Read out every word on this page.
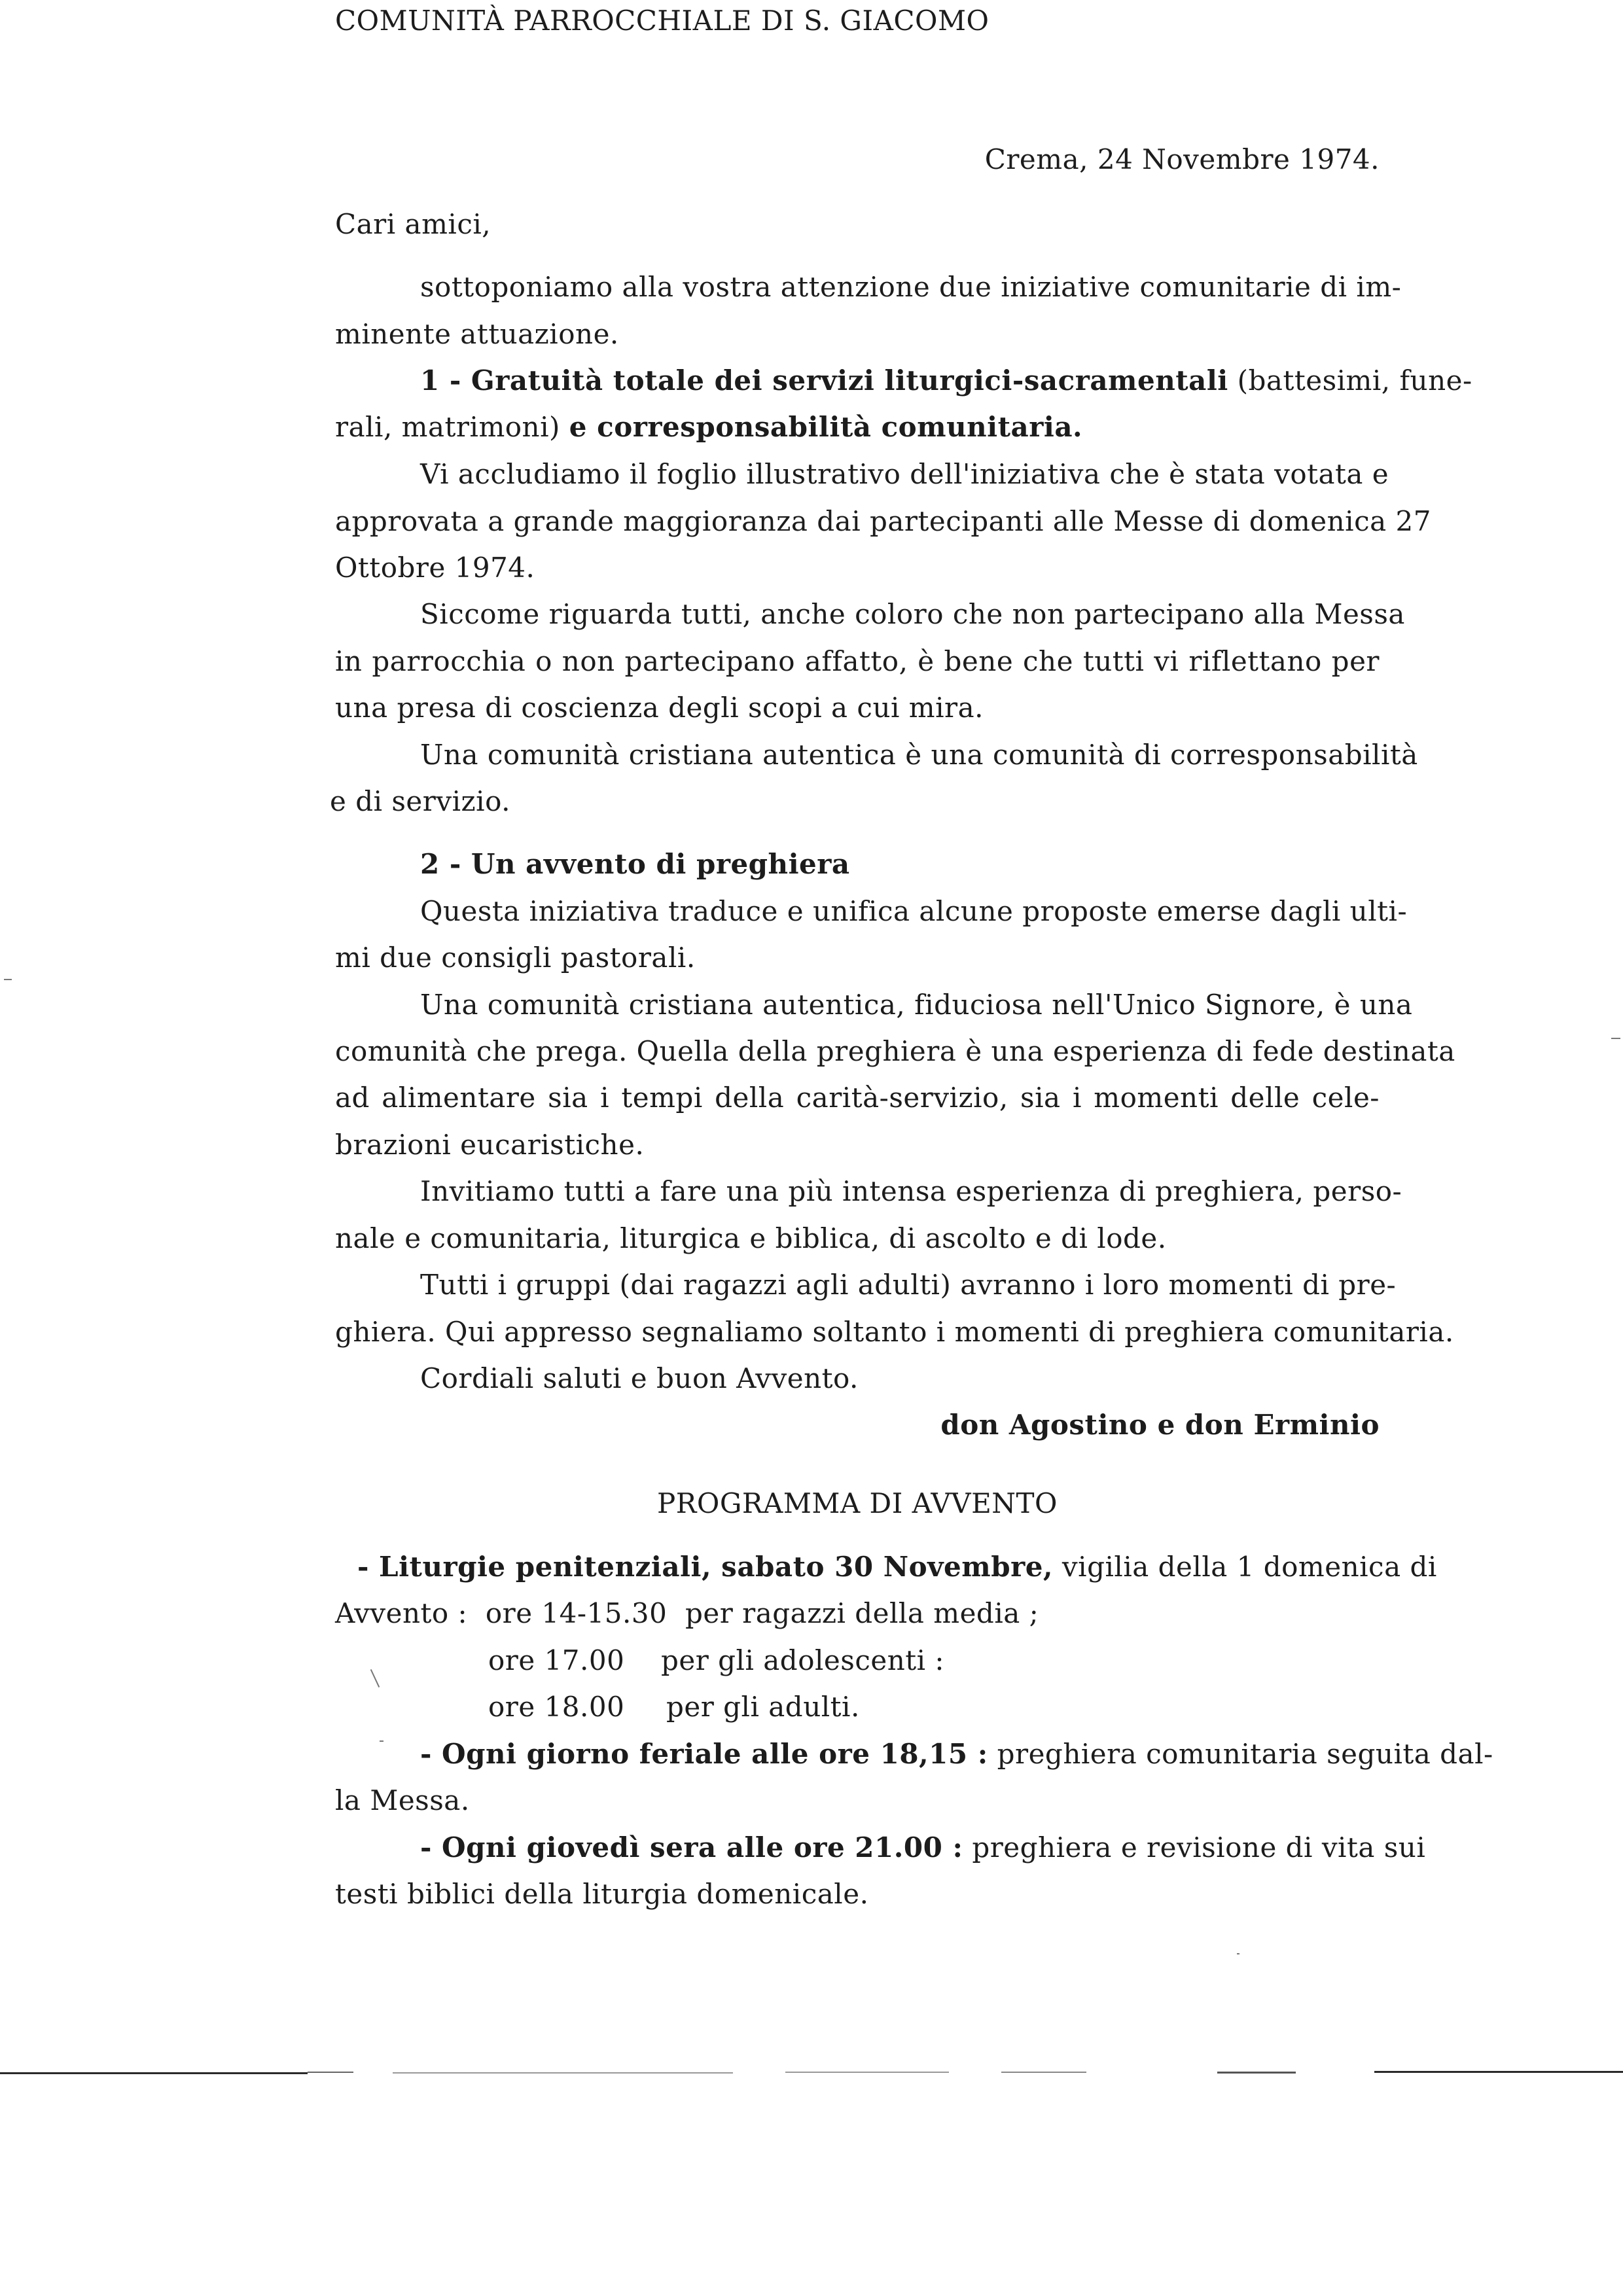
COMUNITÀ PARROCCHIALE DI S. GIACOMO
Crema, 24 Novembre 1974.
Cari amici,
sottoponiamo alla vostra attenzione due iniziative comunitarie di im-
minente attuazione.
1 - Gratuità totale dei servizi liturgici-sacramentali (battesimi, fune-
rali, matrimoni) e corresponsabilità comunitaria.
Vi accludiamo il foglio illustrativo dell'iniziativa che è stata votata e
approvata a grande maggioranza dai partecipanti alle Messe di domenica 27
Ottobre 1974.
Siccome riguarda tutti, anche coloro che non partecipano alla Messa
in parrocchia o non partecipano affatto, è bene che tutti vi riflettano per
una presa di coscienza degli scopi a cui mira.
Una comunità cristiana autentica è una comunità di corresponsabilità
e di servizio.
2 - Un avvento di preghiera
Questa iniziativa traduce e unifica alcune proposte emerse dagli ulti-
mi due consigli pastorali.
Una comunità cristiana autentica, fiduciosa nell'Unico Signore, è una
comunità che prega. Quella della preghiera è una esperienza di fede destinata
ad alimentare sia i tempi della carità-servizio, sia i momenti delle cele-
brazioni eucaristiche.
Invitiamo tutti a fare una più intensa esperienza di preghiera, perso-
nale e comunitaria, liturgica e biblica, di ascolto e di lode.
Tutti i gruppi (dai ragazzi agli adulti) avranno i loro momenti di pre-
ghiera. Qui appresso segnaliamo soltanto i momenti di preghiera comunitaria.
Cordiali saluti e buon Avvento.
don Agostino e don Erminio
PROGRAMMA DI AVVENTO
- Liturgie penitenziali, sabato 30 Novembre, vigilia della 1 domenica di
Avvento :  ore 14-15.30  per ragazzi della media ;
ore 17.00 per gli adolescenti :
ore 18.00 per gli adulti.
- Ogni giorno feriale alle ore 18,15 : preghiera comunitaria seguita dal-
la Messa.
- Ogni giovedì sera alle ore 21.00 : preghiera e revisione di vita sui
testi biblici della liturgia domenicale.
